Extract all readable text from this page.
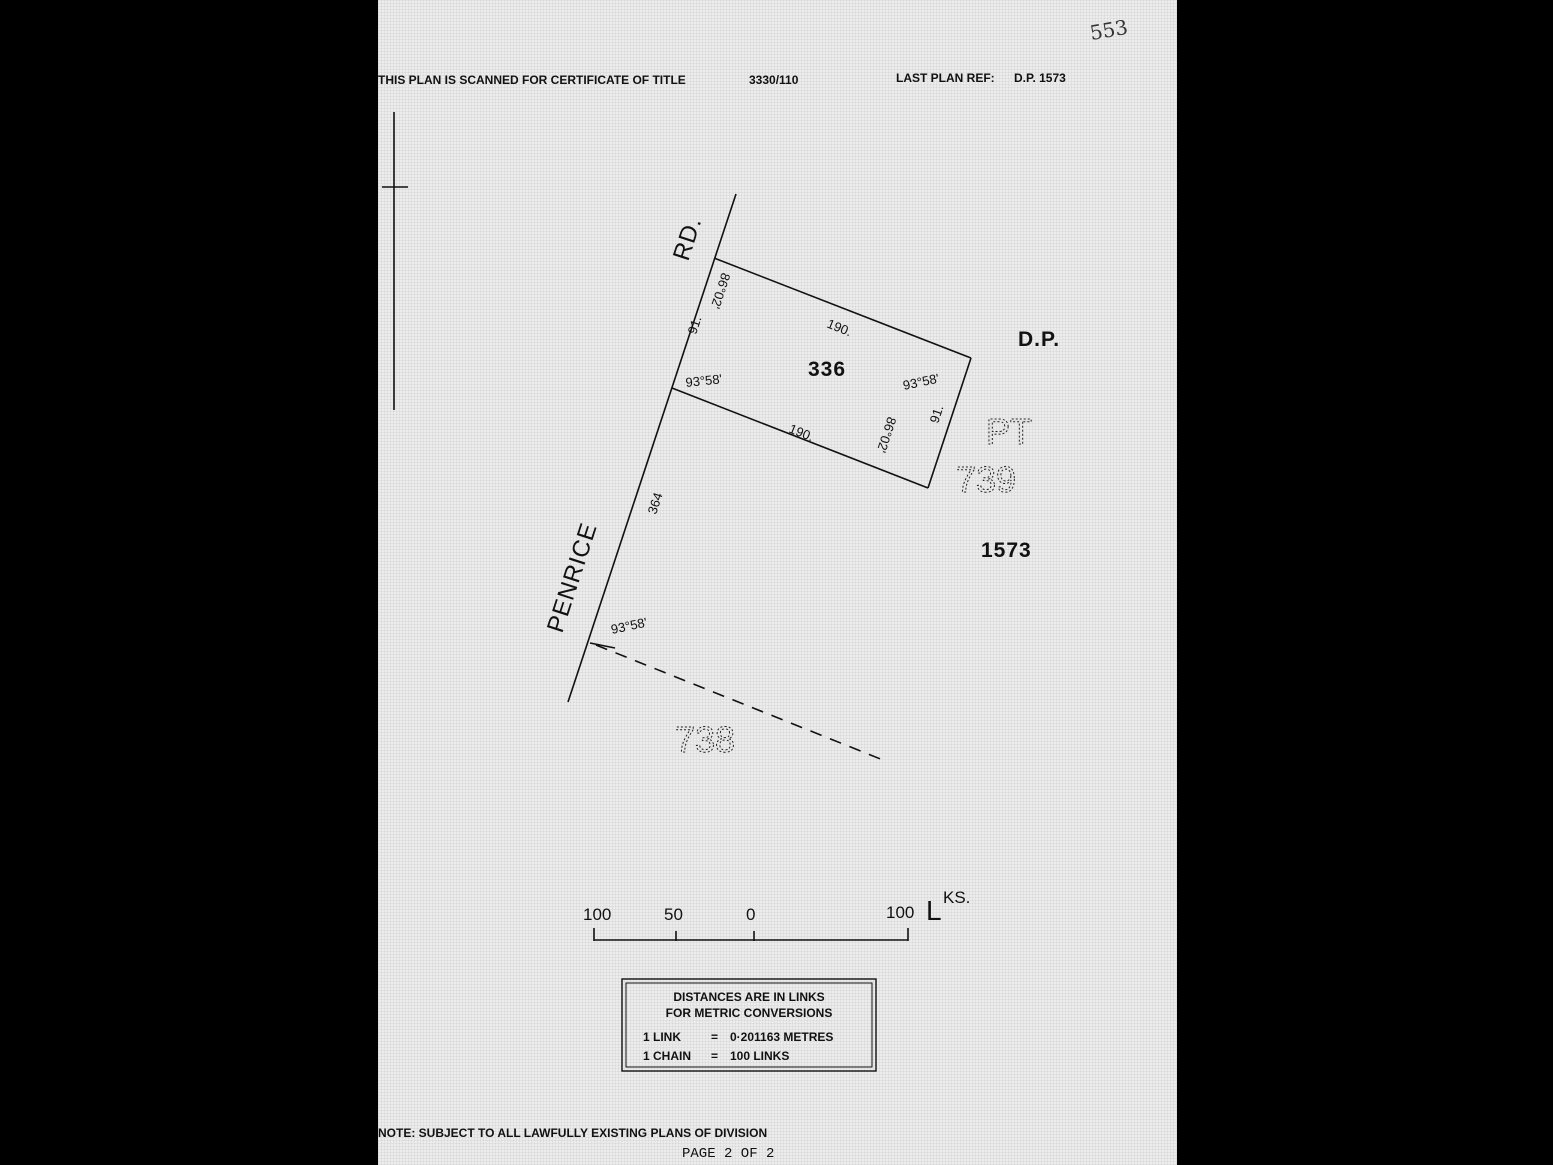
THIS PLAN IS SCANNED FOR CERTIFICATE OF TITLE	3330/110	LAST PLAN REF: D.P. 1573
553
RD.
PENRICE
190.
190.
91.
91.
364
86°02'
93°58'	93°58'
86°02'
93°58'
336
D.P.
1573
PT
739
738
100	50	0	100 L KS.
DISTANCES ARE IN LINKS
FOR METRIC CONVERSIONS
1 LINK = 0·201163 METRES
1 CHAIN = 100 LINKS
NOTE: SUBJECT TO ALL LAWFULLY EXISTING PLANS OF DIVISION
PAGE 2 OF 2
